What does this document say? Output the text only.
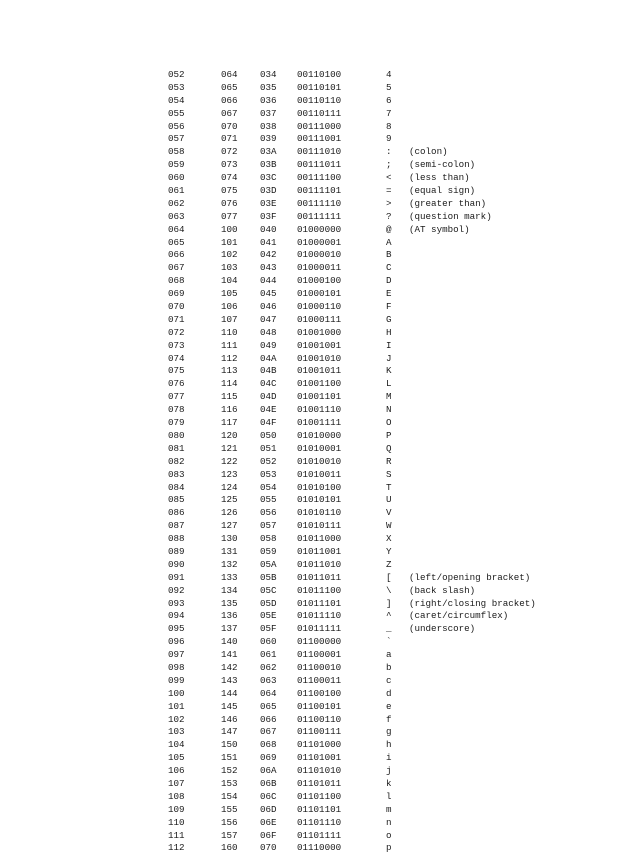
052	064 034 00110100	4
053	065 035 00110101	5
054	066 036 00110110	6
055	067 037 00110111	7
056	070 038 00111000	8
057	071 039 00111001	9
058	072 03A 00111010	: (colon)
059	073 03B 00111011	; (semi-colon)
060	074 03C 00111100	< (less than)
061	075 03D 00111101	= (equal sign)
062	076 03E 00111110	> (greater than)
063	077 03F 00111111	? (question mark)
064	100 040 01000000	@ (AT symbol)
065	101 041 01000001	A
066	102 042 01000010	B
067	103 043 01000011	C
068	104 044 01000100	D
069	105 045 01000101	E
070	106 046 01000110	F
071	107 047 01000111	G
072	110 048 01001000	H
073	111 049 01001001	I
074	112 04A 01001010	J
075	113 04B 01001011	K
076	114 04C 01001100	L
077	115 04D 01001101	M
078	116 04E 01001110	N
079	117 04F 01001111	O
080	120 050 01010000	P
081	121 051 01010001	Q
082	122 052 01010010	R
083	123 053 01010011	S
084	124 054 01010100	T
085	125 055 01010101	U
086	126 056 01010110	V
087	127 057 01010111	W
088	130 058 01011000	X
089	131 059 01011001	Y
090	132 05A 01011010	Z
091	133 05B 01011011	[ (left/opening bracket)
092	134 05C 01011100	\ (back slash)
093	135 05D 01011101	] (right/closing bracket)
094	136 05E 01011110	^ (caret/circumflex)
095	137 05F 01011111	_ (underscore)
096	140 060 01100000	`
097	141 061 01100001	a
098	142 062 01100010	b
099	143 063 01100011	c
100	144 064 01100100	d
101	145 065 01100101	e
102	146 066 01100110	f
103	147 067 01100111	g
104	150 068 01101000	h
105	151 069 01101001	i
106	152 06A 01101010	j
107	153 06B 01101011	k
108	154 06C 01101100	l
109	155 06D 01101101	m
110	156 06E 01101110	n
111	157 06F 01101111	o
112	160 070 01110000	p
